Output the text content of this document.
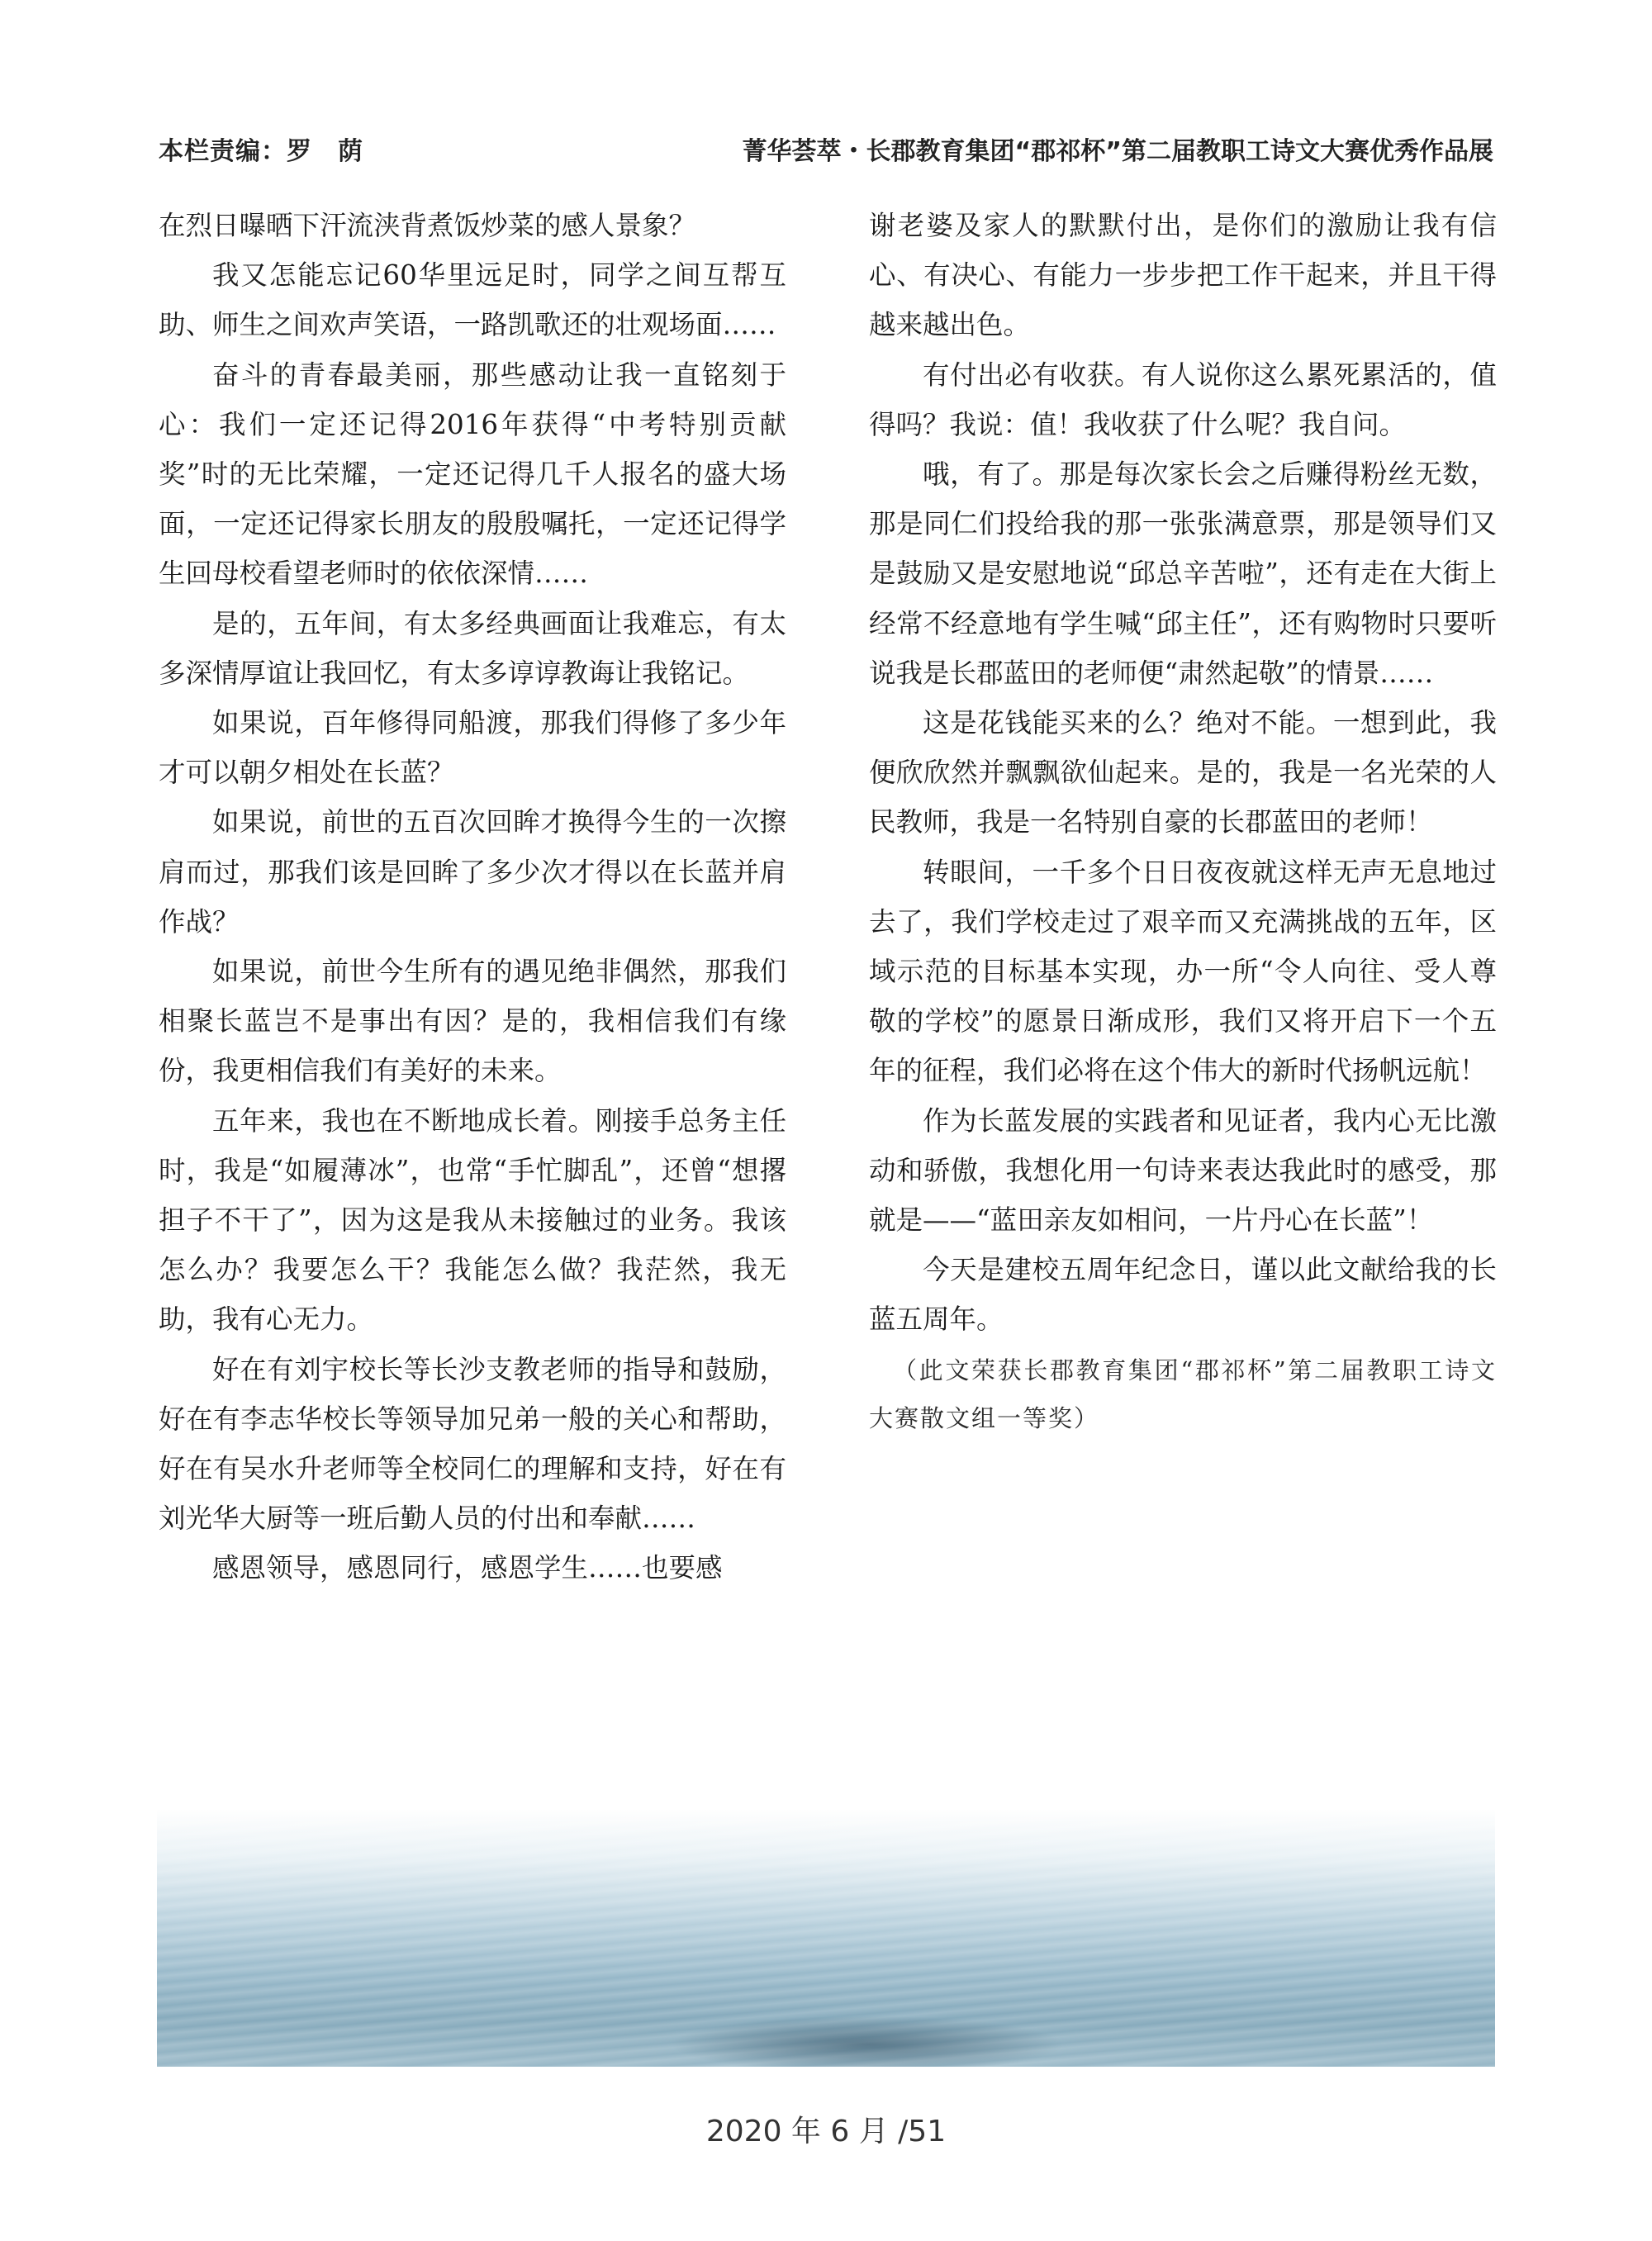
本栏责编：罗　荫	菁华荟萃・长郡教育集团“郡祁杯”第二届教职工诗文大赛优秀作品展

在烈日曝晒下汗流浃背煮饭炒菜的感人景象？

我又怎能忘记60华里远足时，同学之间互帮互助、师生之间欢声笑语，一路凯歌还的壮观场面……

奋斗的青春最美丽，那些感动让我一直铭刻于心：我们一定还记得2016年获得“中考特别贡献奖”时的无比荣耀，一定还记得几千人报名的盛大场面，一定还记得家长朋友的殷殷嘱托，一定还记得学生回母校看望老师时的依依深情……

是的，五年间，有太多经典画面让我难忘，有太多深情厚谊让我回忆，有太多谆谆教诲让我铭记。

如果说，百年修得同船渡，那我们得修了多少年才可以朝夕相处在长蓝？

如果说，前世的五百次回眸才换得今生的一次擦肩而过，那我们该是回眸了多少次才得以在长蓝并肩作战？

如果说，前世今生所有的遇见绝非偶然，那我们相聚长蓝岂不是事出有因？是的，我相信我们有缘份，我更相信我们有美好的未来。

五年来，我也在不断地成长着。刚接手总务主任时，我是“如履薄冰”，也常“手忙脚乱”，还曾“想撂担子不干了”，因为这是我从未接触过的业务。我该怎么办？我要怎么干？我能怎么做？我茫然，我无助，我有心无力。

好在有刘宇校长等长沙支教老师的指导和鼓励，好在有李志华校长等领导加兄弟一般的关心和帮助，好在有吴水升老师等全校同仁的理解和支持，好在有刘光华大厨等一班后勤人员的付出和奉献……

感恩领导，感恩同行，感恩学生……也要感

谢老婆及家人的默默付出，是你们的激励让我有信心、有决心、有能力一步步把工作干起来，并且干得越来越出色。

有付出必有收获。有人说你这么累死累活的，值得吗？我说：值！我收获了什么呢？我自问。

哦，有了。那是每次家长会之后赚得粉丝无数，那是同仁们投给我的那一张张满意票，那是领导们又是鼓励又是安慰地说“邱总辛苦啦”，还有走在大街上经常不经意地有学生喊“邱主任”，还有购物时只要听说我是长郡蓝田的老师便“肃然起敬”的情景……

这是花钱能买来的么？绝对不能。一想到此，我便欣欣然并飘飘欲仙起来。是的，我是一名光荣的人民教师，我是一名特别自豪的长郡蓝田的老师！

转眼间，一千多个日日夜夜就这样无声无息地过去了，我们学校走过了艰辛而又充满挑战的五年，区域示范的目标基本实现，办一所“令人向往、受人尊敬的学校”的愿景日渐成形，我们又将开启下一个五年的征程，我们必将在这个伟大的新时代扬帆远航！

作为长蓝发展的实践者和见证者，我内心无比激动和骄傲，我想化用一句诗来表达我此时的感受，那就是——“蓝田亲友如相问，一片丹心在长蓝”！

今天是建校五周年纪念日，谨以此文献给我的长蓝五周年。

（此文荣获长郡教育集团“郡祁杯”第二届教职工诗文大赛散文组一等奖）

2020 年 6 月 /51
